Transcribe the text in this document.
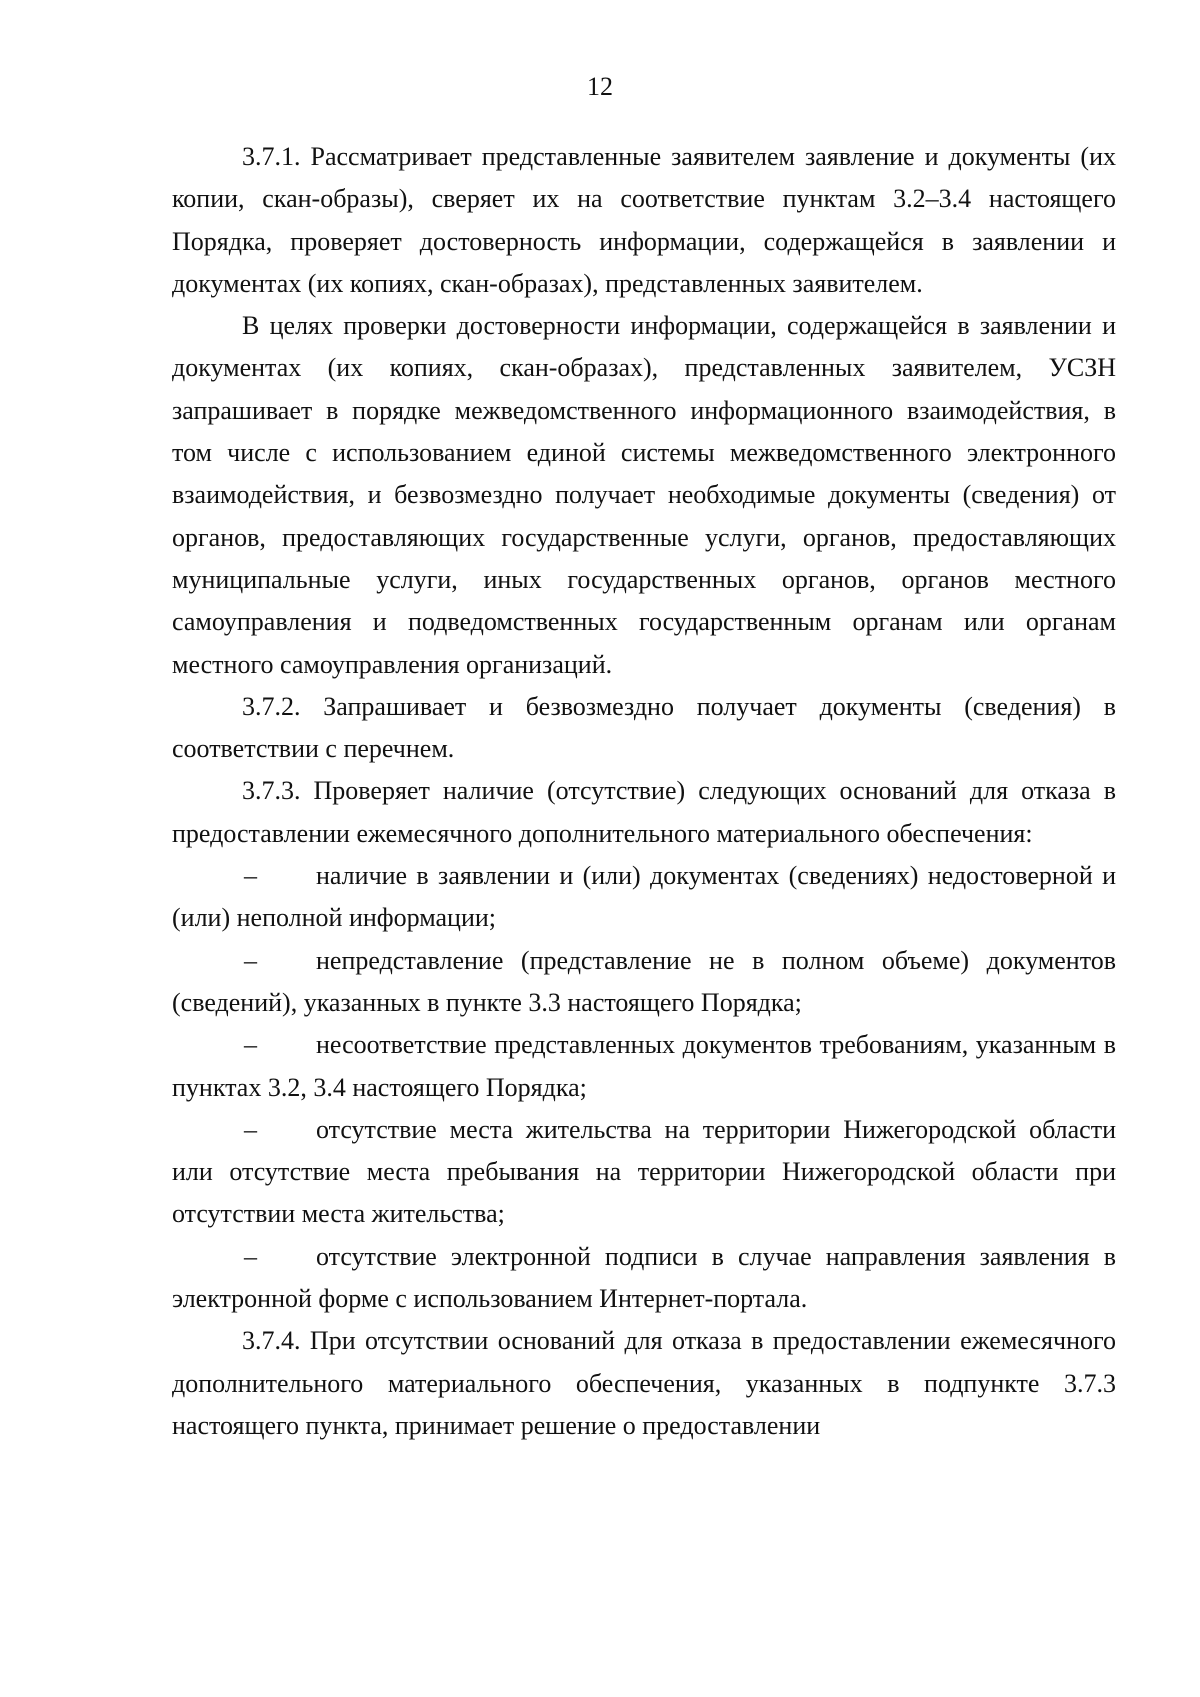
12

3.7.1. Рассматривает представленные заявителем заявление и документы (их копии, скан-образы), сверяет их на соответствие пунктам 3.2–3.4 настоящего Порядка, проверяет достоверность информации, содержащейся в заявлении и документах (их копиях, скан-образах), представленных заявителем.

В целях проверки достоверности информации, содержащейся в заявлении и документах (их копиях, скан-образах), представленных заявителем, УСЗН запрашивает в порядке межведомственного информационного взаимодействия, в том числе с использованием единой системы межведомственного электронного взаимодействия, и безвозмездно получает необходимые документы (сведения) от органов, предоставляющих государственные услуги, органов, предоставляющих муниципальные услуги, иных государственных органов, органов местного самоуправления и подведомственных государственным органам или органам местного самоуправления организаций.

3.7.2. Запрашивает и безвозмездно получает документы (сведения) в соответствии с перечнем.

3.7.3. Проверяет наличие (отсутствие) следующих оснований для отказа в предоставлении ежемесячного дополнительного материального обеспечения:

– наличие в заявлении и (или) документах (сведениях) недостоверной и (или) неполной информации;

– непредставление (представление не в полном объеме) документов (сведений), указанных в пункте 3.3 настоящего Порядка;

– несоответствие представленных документов требованиям, указанным в пунктах 3.2, 3.4 настоящего Порядка;

– отсутствие места жительства на территории Нижегородской области или отсутствие места пребывания на территории Нижегородской области при отсутствии места жительства;

– отсутствие электронной подписи в случае направления заявления в электронной форме с использованием Интернет-портала.

3.7.4. При отсутствии оснований для отказа в предоставлении ежемесячного дополнительного материального обеспечения, указанных в подпункте 3.7.3 настоящего пункта, принимает решение о предоставлении
